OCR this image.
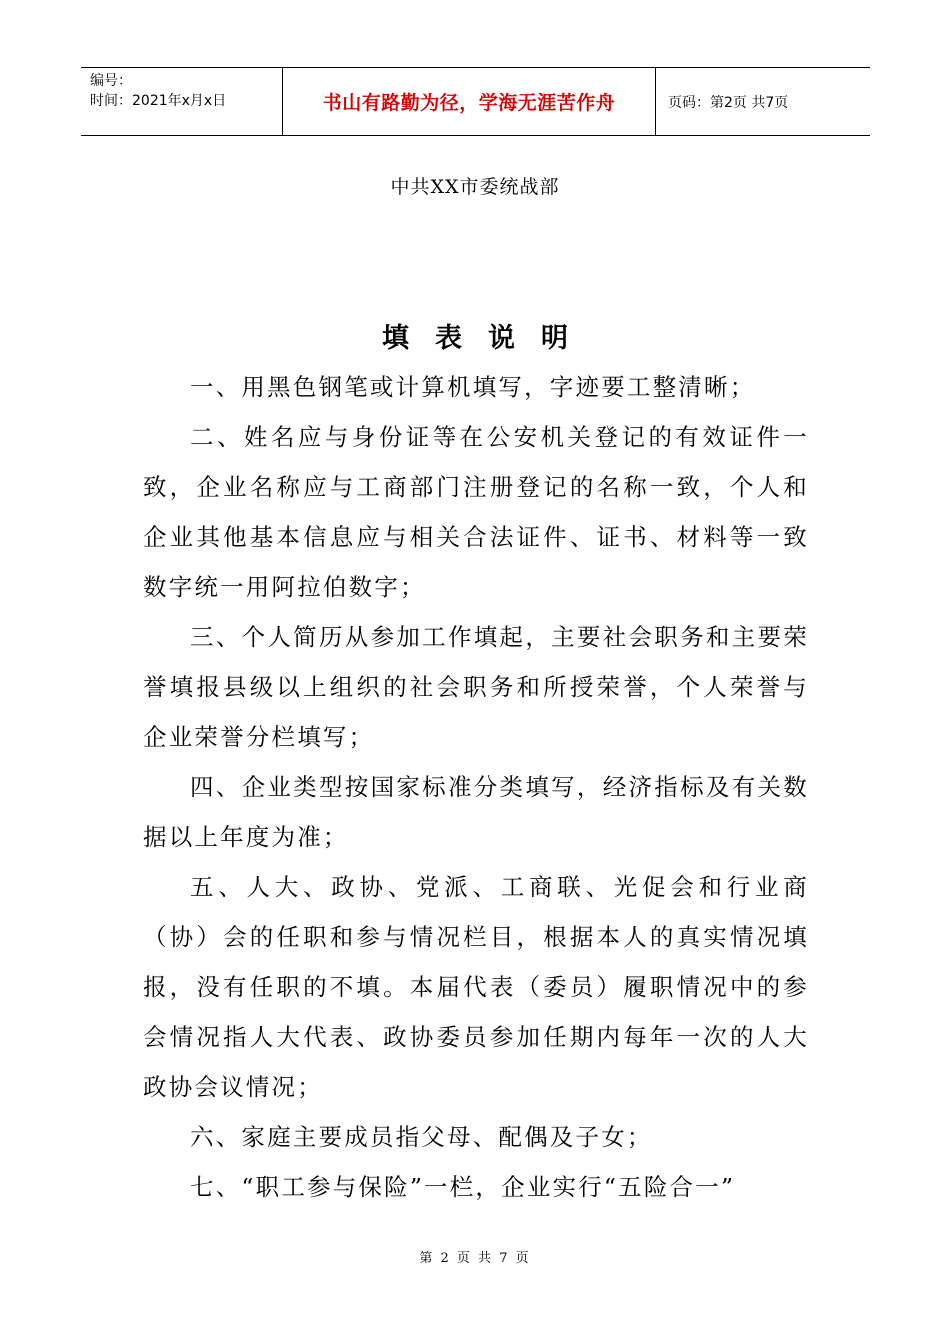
编号：
时间：2021年x月x日	书山有路勤为径，学海无涯苦作舟	页码：第2页 共7页
中共XX市委统战部
填表说明

一、用黑色钢笔或计算机填写，字迹要工整清晰；

二、姓名应与身份证等在公安机关登记的有效证件一致，企业名称应与工商部门注册登记的名称一致，个人和企业其他基本信息应与相关合法证件、证书、材料等一致数字统一用阿拉伯数字；

三、个人简历从参加工作填起，主要社会职务和主要荣誉填报县级以上组织的社会职务和所授荣誉，个人荣誉与企业荣誉分栏填写；

四、企业类型按国家标准分类填写，经济指标及有关数据以上年度为准；

五、人大、政协、党派、工商联、光促会和行业商（协）会的任职和参与情况栏目，根据本人的真实情况填报，没有任职的不填。本届代表（委员）履职情况中的参会情况指人大代表、政协委员参加任期内每年一次的人大政协会议情况；

六、家庭主要成员指父母、配偶及子女；

七、“职工参与保险”一栏，企业实行“五险合一”

第 2 页 共 7 页
